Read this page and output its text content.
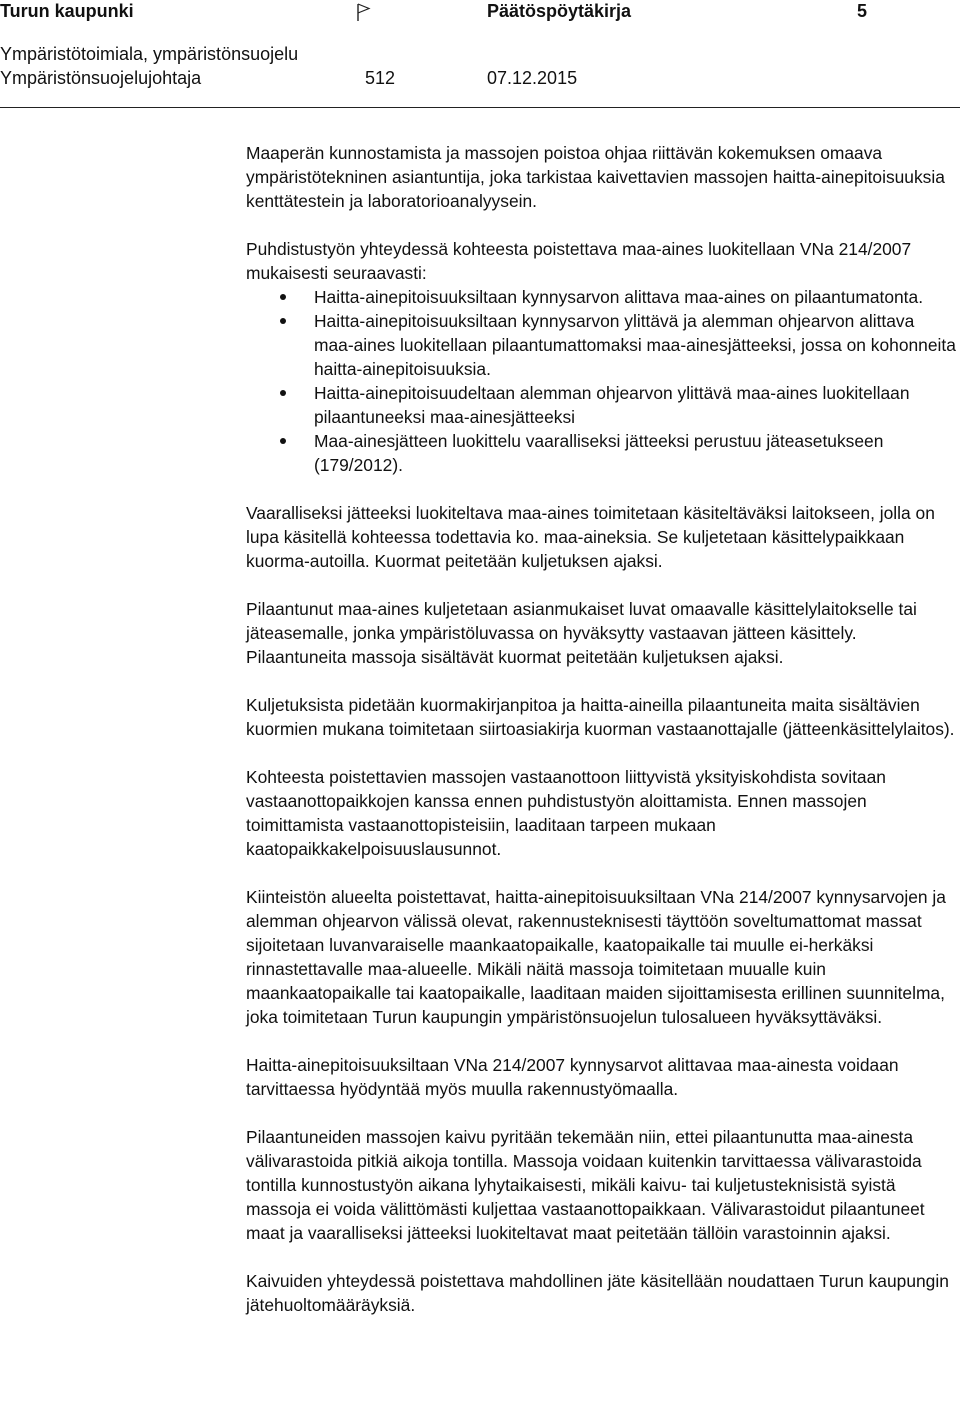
Turun kaupunki	Päätöspöytäkirja	5
Ympäristötoimiala, ympäristönsuojelu
Ympäristönsuojelujohtaja	512	07.12.2015

Maaperän kunnostamista ja massojen poistoa ohjaa riittävän kokemuksen omaava ympäristötekninen asiantuntija, joka tarkistaa kaivettavien massojen haitta-ainepitoisuuksia kenttätestein ja laboratorioanalyysein.

Puhdistustyön yhteydessä kohteesta poistettava maa-aines luokitellaan VNa 214/2007 mukaisesti seuraavasti:

Haitta-ainepitoisuuksiltaan kynnysarvon alittava maa-aines on pilaantumatonta.
Haitta-ainepitoisuuksiltaan kynnysarvon ylittävä ja alemman ohjearvon alittava maa-aines luokitellaan pilaantumattomaksi maa-ainesjätteeksi, jossa on kohonneita haitta-ainepitoisuuksia.
Haitta-ainepitoisuudeltaan alemman ohjearvon ylittävä maa-aines luokitellaan pilaantuneeksi maa-ainesjätteeksi
Maa-ainesjätteen luokittelu vaaralliseksi jätteeksi perustuu jäteasetukseen (179/2012).

Vaaralliseksi jätteeksi luokiteltava maa-aines toimitetaan käsiteltäväksi laitokseen, jolla on lupa käsitellä kohteessa todettavia ko. maa-aineksia. Se kuljetetaan käsittelypaikkaan kuorma-autoilla. Kuormat peitetään kuljetuksen ajaksi.

Pilaantunut maa-aines kuljetetaan asianmukaiset luvat omaavalle käsittelylaitokselle tai jäteasemalle, jonka ympäristöluvassa on hyväksytty vastaavan jätteen käsittely. Pilaantuneita massoja sisältävät kuormat peitetään kuljetuksen ajaksi.

Kuljetuksista pidetään kuormakirjanpitoa ja haitta-aineilla pilaantuneita maita sisältävien kuormien mukana toimitetaan siirtoasiakirja kuorman vastaanottajalle (jätteenkäsittelylaitos).

Kohteesta poistettavien massojen vastaanottoon liittyvistä yksityiskohdista sovitaan vastaanottopaikkojen kanssa ennen puhdistustyön aloittamista. Ennen massojen toimittamista vastaanottopisteisiin, laaditaan tarpeen mukaan kaatopaikkakelpoisuuslausunnot.

Kiinteistön alueelta poistettavat, haitta-ainepitoisuuksiltaan VNa 214/2007 kynnysarvojen ja alemman ohjearvon välissä olevat, rakennusteknisesti täyttöön soveltumattomat massat sijoitetaan luvanvaraiselle maankaatopaikalle, kaatopaikalle tai muulle ei-herkäksi rinnastettavalle maa-alueelle. Mikäli näitä massoja toimitetaan muualle kuin maankaatopaikalle tai kaatopaikalle, laaditaan maiden sijoittamisesta erillinen suunnitelma, joka toimitetaan Turun kaupungin ympäristönsuojelun tulosalueen hyväksyttäväksi.

Haitta-ainepitoisuuksiltaan VNa 214/2007 kynnysarvot alittavaa maa-ainesta voidaan tarvittaessa hyödyntää myös muulla rakennustyömaalla.

Pilaantuneiden massojen kaivu pyritään tekemään niin, ettei pilaantunutta maa-ainesta välivarastoida pitkiä aikoja tontilla. Massoja voidaan kuitenkin tarvittaessa välivarastoida tontilla kunnostustyön aikana lyhytaikaisesti, mikäli kaivu- tai kuljetusteknisistä syistä massoja ei voida välittömästi kuljettaa vastaanottopaikkaan. Välivarastoidut pilaantuneet maat ja vaaralliseksi jätteeksi luokiteltavat maat peitetään tällöin varastoinnin ajaksi.

Kaivuiden yhteydessä poistettava mahdollinen jäte käsitellään noudattaen Turun kaupungin jätehuoltomääräyksiä.
